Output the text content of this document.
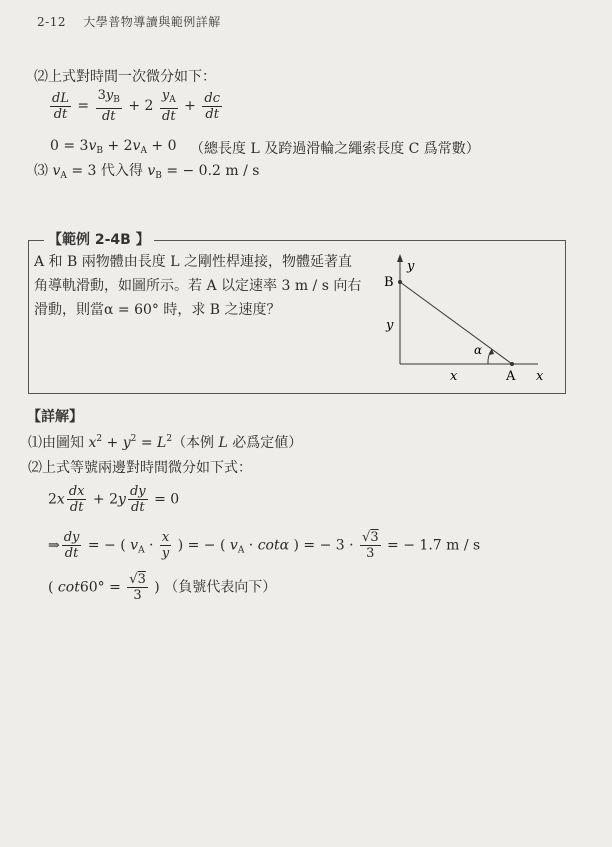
2-12 大學普物導讀與範例詳解
⑵上式對時間一次微分如下：
$\frac{dL}{dt} = \frac{3y_B}{dt} + 2 \frac{y_A}{dt} + \frac{dc}{dt}$
$0 = 3v_B + 2v_A + 0$ （總長度 L 及跨過滑輪之繩索長度 C 爲常數）
⑶ $v_A = 3$ 代入得 $v_B$ = − 0.2 m / s
【範例 2-4B 】
A 和 B 兩物體由長度 L 之剛性桿連接，物體延著直角導軌滑動，如圖所示。若 A 以定速率 3 m / s 向右滑動，則當α = 60° 時，求 B 之速度？
y
B
y
α
x	A x
【詳解】
⑴由圖知 $x^2 + y^2 = L^2$（本例 L 必爲定値）
⑵上式等號兩邊對時間微分如下式：
$2x \frac{dx}{dt} + 2y \frac{dy}{dt} = 0$
⇒ $\frac{dy}{dt}$ = − ( $v_A \cdot \frac{x}{y}$ ) = − ( $v_A \cdot \cot\alpha$ ) = − $3 \cdot \frac{√3}{3}$ = − 1.7 m / s
( $\cot 60^\circ = \frac{√3}{3}$ ) （負號代表向下）
